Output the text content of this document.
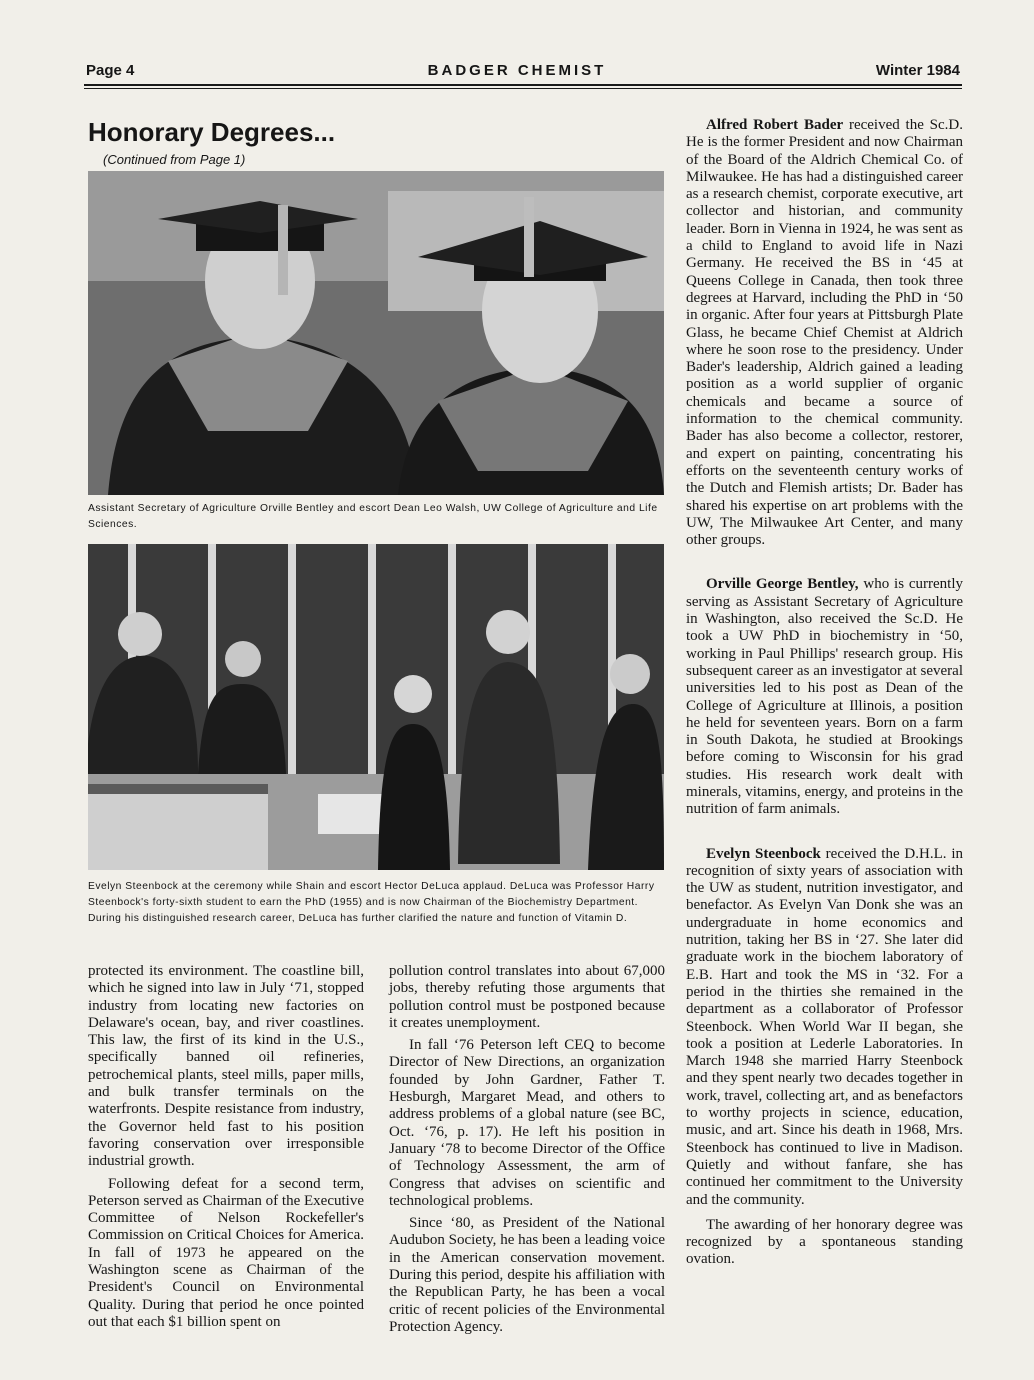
Page 4	BADGER CHEMIST	Winter 1984
Honorary Degrees...
(Continued from Page 1)
Assistant Secretary of Agriculture Orville Bentley and escort Dean Leo Walsh, UW College of Agriculture and Life Sciences.
Evelyn Steenbock at the ceremony while Shain and escort Hector DeLuca applaud. DeLuca was Professor Harry Steenbock's forty-sixth student to earn the PhD (1955) and is now Chairman of the Biochemistry Department. During his distinguished research career, DeLuca has further clarified the nature and function of Vitamin D.

protected its environment. The coastline bill, which he signed into law in July ‘71, stopped industry from locating new factories on Delaware's ocean, bay, and river coastlines. This law, the first of its kind in the U.S., specifically banned oil refineries, petrochemical plants, steel mills, paper mills, and bulk transfer terminals on the waterfronts. Despite resistance from industry, the Governor held fast to his position favoring conservation over irresponsible industrial growth.

Following defeat for a second term, Peterson served as Chairman of the Executive Committee of Nelson Rockefeller's Commission on Critical Choices for America. In fall of 1973 he appeared on the Washington scene as Chairman of the President's Council on Environmental Quality. During that period he once pointed out that each $1 billion spent on

pollution control translates into about 67,000 jobs, thereby refuting those arguments that pollution control must be postponed because it creates unemployment.

In fall ‘76 Peterson left CEQ to become Director of New Directions, an organization founded by John Gardner, Father T. Hesburgh, Margaret Mead, and others to address problems of a global nature (see BC, Oct. ‘76, p. 17). He left his position in January ‘78 to become Director of the Office of Technology Assessment, the arm of Congress that advises on scientific and technological problems.

Since ‘80, as President of the National Audubon Society, he has been a leading voice in the American conservation movement. During this period, despite his affiliation with the Republican Party, he has been a vocal critic of recent policies of the Environmental Protection Agency.

Alfred Robert Bader received the Sc.D. He is the former President and now Chairman of the Board of the Aldrich Chemical Co. of Milwaukee. He has had a distinguished career as a research chemist, corporate executive, art collector and historian, and community leader. Born in Vienna in 1924, he was sent as a child to England to avoid life in Nazi Germany. He received the BS in ‘45 at Queens College in Canada, then took three degrees at Harvard, including the PhD in ‘50 in organic. After four years at Pittsburgh Plate Glass, he became Chief Chemist at Aldrich where he soon rose to the presidency. Under Bader's leadership, Aldrich gained a leading position as a world supplier of organic chemicals and became a source of information to the chemical community. Bader has also become a collector, restorer, and expert on painting, concentrating his efforts on the seventeenth century works of the Dutch and Flemish artists; Dr. Bader has shared his expertise on art problems with the UW, The Milwaukee Art Center, and many other groups.

Orville George Bentley, who is currently serving as Assistant Secretary of Agriculture in Washington, also received the Sc.D. He took a UW PhD in biochemistry in ‘50, working in Paul Phillips' research group. His subsequent career as an investigator at several universities led to his post as Dean of the College of Agriculture at Illinois, a position he held for seventeen years. Born on a farm in South Dakota, he studied at Brookings before coming to Wisconsin for his grad studies. His research work dealt with minerals, vitamins, energy, and proteins in the nutrition of farm animals.

Evelyn Steenbock received the D.H.L. in recognition of sixty years of association with the UW as student, nutrition investigator, and benefactor. As Evelyn Van Donk she was an undergraduate in home economics and nutrition, taking her BS in ‘27. She later did graduate work in the biochem laboratory of E.B. Hart and took the MS in ‘32. For a period in the thirties she remained in the department as a collaborator of Professor Steenbock. When World War II began, she took a position at Lederle Laboratories. In March 1948 she married Harry Steenbock and they spent nearly two decades together in work, travel, collecting art, and as benefactors to worthy projects in science, education, music, and art. Since his death in 1968, Mrs. Steenbock has continued to live in Madison. Quietly and without fanfare, she has continued her commitment to the University and the community.

The awarding of her honorary degree was recognized by a spontaneous standing ovation.
